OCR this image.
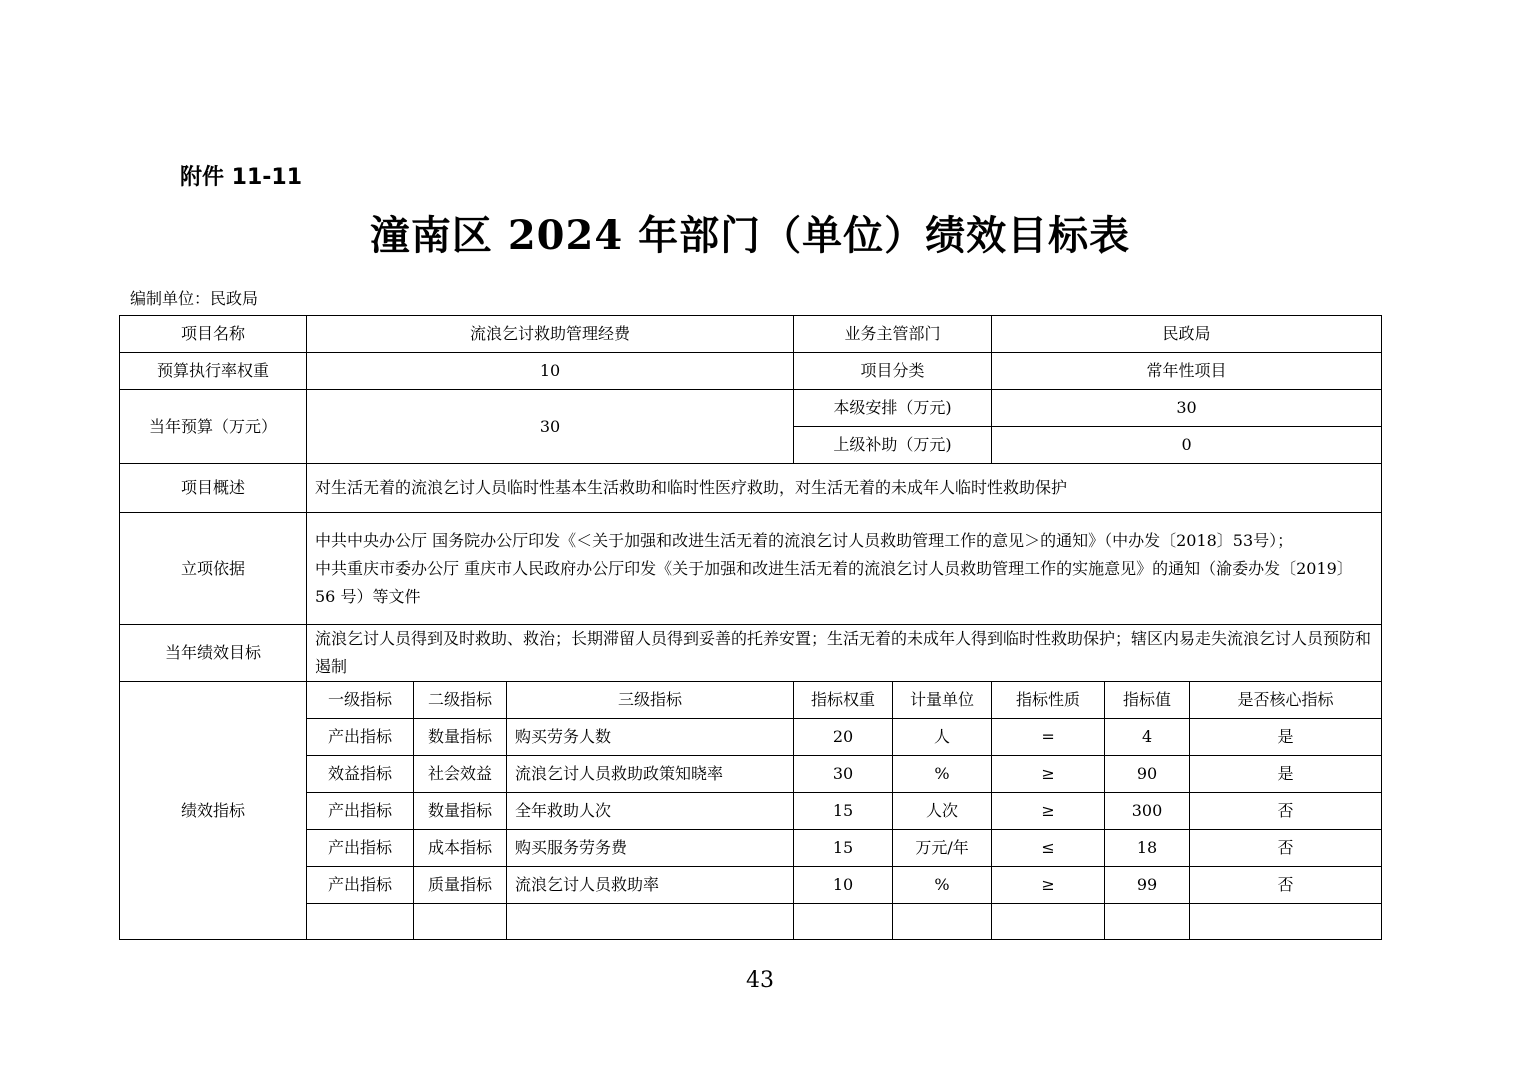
附件 11-11
潼南区 2024 年部门（单位）绩效目标表
编制单位：民政局
项目名称	流浪乞讨救助管理经费			业务主管部门		民政局		
预算执行率权重	10			项目分类		常年性项目		
当年预算（万元）	30			本级安排（万元)		30		
				上级补助（万元)		0		
项目概述	对生活无着的流浪乞讨人员临时性基本生活救助和临时性医疗救助，对生活无着的未成年人临时性救助保护							
立项依据	中共中央办公厅 国务院办公厅印发《＜关于加强和改进生活无着的流浪乞讨人员救助管理工作的意见＞的通知》（中办发〔2018〕53号）；
中共重庆市委办公厅 重庆市人民政府办公厅印发《关于加强和改进生活无着的流浪乞讨人员救助管理工作的实施意见》的通知（渝委办发〔2019〕56 号）等文件							

当年绩效目标	流浪乞讨人员得到及时救助、救治；长期滞留人员得到妥善的托养安置；生活无着的未成年人得到临时性救助保护；辖区内易走失流浪乞讨人员预防和遏制							
绩效指标	一级指标	二级指标	三级指标	指标权重	计量单位	指标性质	指标值	是否核心指标
	产出指标	数量指标	购买劳务人数	20	人	=	4	是
	效益指标	社会效益	流浪乞讨人员救助政策知晓率	30	%	≥	90	是
	产出指标	数量指标	全年救助人次	15	人次	≥	300	否
	产出指标	成本指标	购买服务劳务费	15	万元/年	≤	18	否
	产出指标	质量指标	流浪乞讨人员救助率	10	%	≥	99	否

43
